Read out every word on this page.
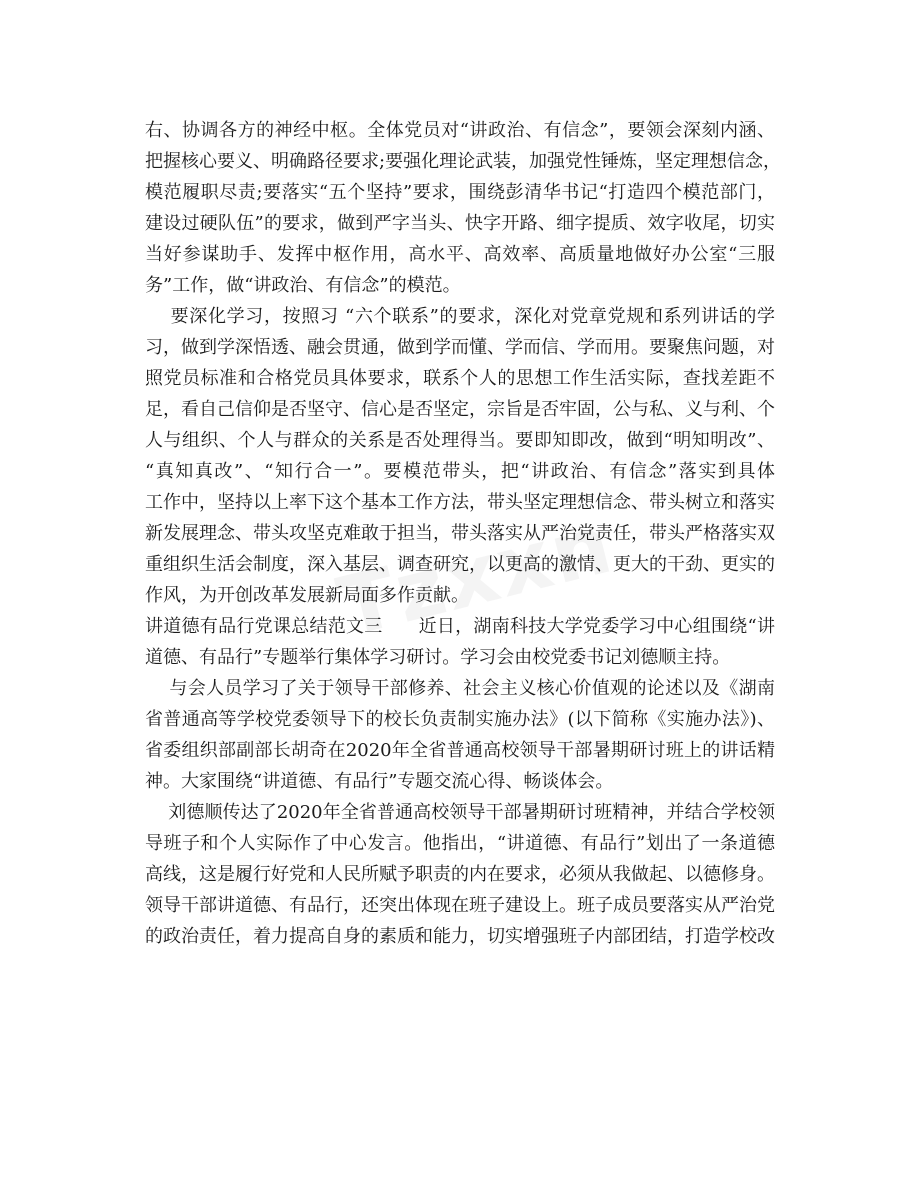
右、协调各方的神经中枢。全体党员对“讲政治、有信念”，要领会深刻内涵、
把握核心要义、明确路径要求;要强化理论武装，加强党性锤炼，坚定理想信念，
模范履职尽责;要落实“五个坚持”要求，围绕彭清华书记“打造四个模范部门，
建设过硬队伍”的要求，做到严字当头、快字开路、细字提质、效字收尾，切实
当好参谋助手、发挥中枢作用，高水平、高效率、高质量地做好办公室“三服
务”工作，做“讲政治、有信念”的模范。
要深化学习，按照习 “六个联系”的要求，深化对党章党规和系列讲话的学
习，做到学深悟透、融会贯通，做到学而懂、学而信、学而用。要聚焦问题，对
照党员标准和合格党员具体要求，联系个人的思想工作生活实际，查找差距不
足，看自己信仰是否坚守、信心是否坚定，宗旨是否牢固，公与私、义与利、个
人与组织、个人与群众的关系是否处理得当。要即知即改，做到“明知明改”、
“真知真改”、“知行合一”。要模范带头，把“讲政治、有信念”落实到具体
工作中，坚持以上率下这个基本工作方法，带头坚定理想信念、带头树立和落实
新发展理念、带头攻坚克难敢于担当，带头落实从严治党责任，带头严格落实双
重组织生活会制度，深入基层、调查研究，以更高的激情、更大的干劲、更实的
作风，为开创改革发展新局面多作贡献。
讲道德有品行党课总结范文三      近日，湖南科技大学党委学习中心组围绕“讲
道德、有品行”专题举行集体学习研讨。学习会由校党委书记刘德顺主持。
与会人员学习了关于领导干部修养、社会主义核心价值观的论述以及《湖南
省普通高等学校党委领导下的校长负责制实施办法》(以下简称《实施办法》)、
省委组织部副部长胡奇在2020年全省普通高校领导干部暑期研讨班上的讲话精
神。大家围绕“讲道德、有品行”专题交流心得、畅谈体会。
刘德顺传达了2020年全省普通高校领导干部暑期研讨班精神，并结合学校领
导班子和个人实际作了中心发言。他指出，“讲道德、有品行”划出了一条道德
高线，这是履行好党和人民所赋予职责的内在要求，必须从我做起、以德修身。
领导干部讲道德、有品行，还突出体现在班子建设上。班子成员要落实从严治党
的政治责任，着力提高自身的素质和能力，切实增强班子内部团结，打造学校改
